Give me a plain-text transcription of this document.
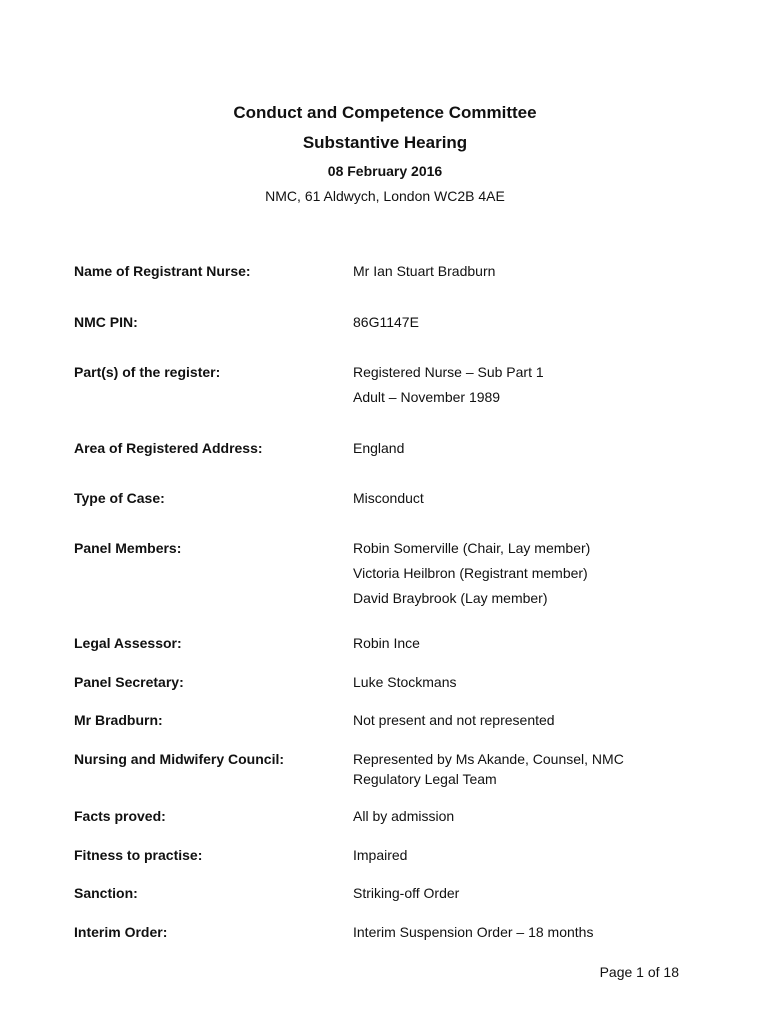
Conduct and Competence Committee
Substantive Hearing
08 February 2016
NMC, 61 Aldwych, London WC2B 4AE
Name of Registrant Nurse:	Mr Ian Stuart Bradburn
NMC PIN:	86G1147E
Part(s) of the register:	Registered Nurse – Sub Part 1
Adult – November 1989
Area of Registered Address:	England
Type of Case:	Misconduct
Panel Members:	Robin Somerville (Chair, Lay member)
Victoria Heilbron (Registrant member)
David Braybrook (Lay member)
Legal Assessor:	Robin Ince
Panel Secretary:	Luke Stockmans
Mr Bradburn:	Not present and not represented
Nursing and Midwifery Council:	Represented by Ms Akande, Counsel, NMC
Regulatory Legal Team
Facts proved:	All by admission
Fitness to practise:	Impaired
Sanction:	Striking-off Order
Interim Order:	Interim Suspension Order – 18 months
Page 1 of 18
